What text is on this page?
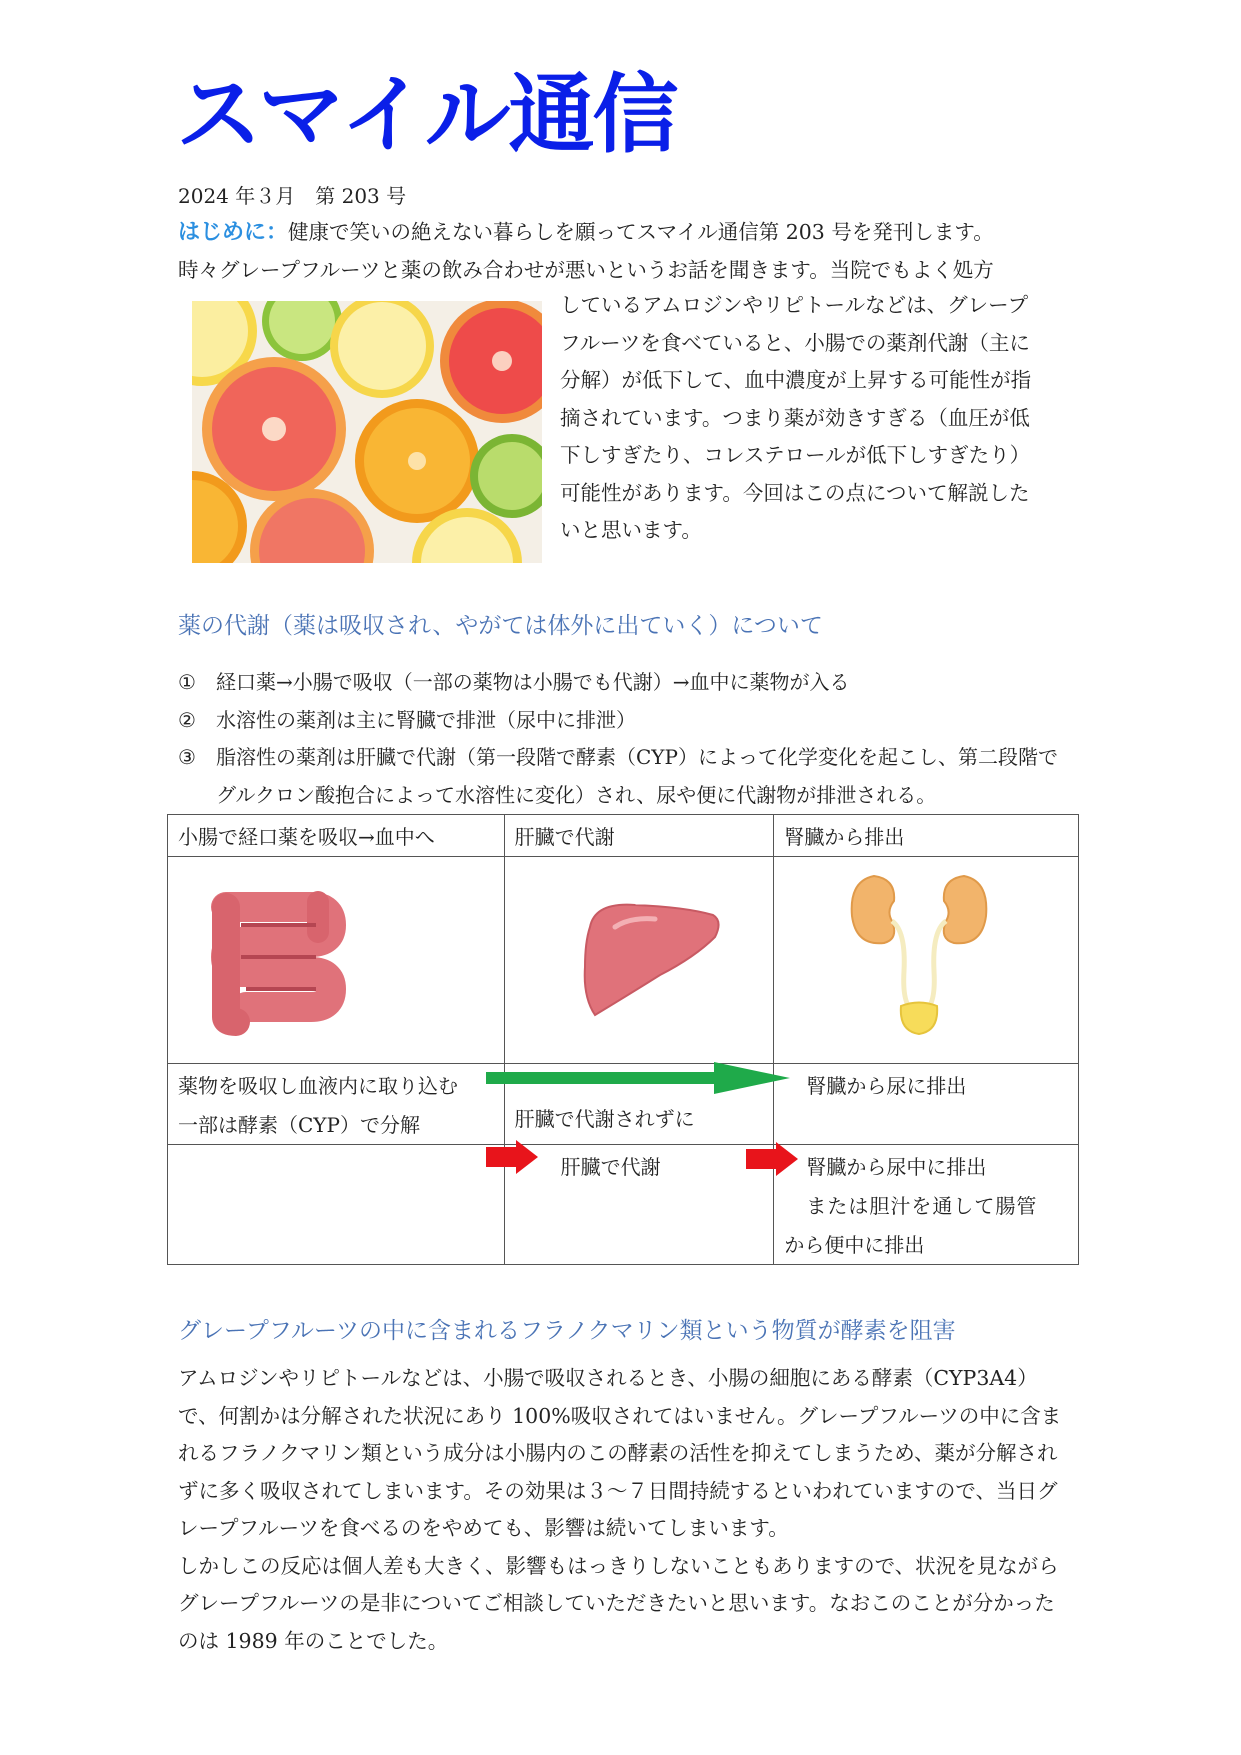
スマイル通信
2024 年３月　第 203 号
はじめに：健康で笑いの絶えない暮らしを願ってスマイル通信第 203 号を発刊します。
時々グレープフルーツと薬の飲み合わせが悪いというお話を聞きます。当院でもよく処方
しているアムロジンやリピトールなどは、グレープ
フルーツを食べていると、小腸での薬剤代謝（主に
分解）が低下して、血中濃度が上昇する可能性が指
摘されています。つまり薬が効きすぎる（血圧が低
下しすぎたり、コレステロールが低下しすぎたり）
可能性があります。今回はこの点について解説した
いと思います。
薬の代謝（薬は吸収され、やがては体外に出ていく）について
①	経口薬→小腸で吸収（一部の薬物は小腸でも代謝）→血中に薬物が入る
②	水溶性の薬剤は主に腎臓で排泄（尿中に排泄）
③	脂溶性の薬剤は肝臓で代謝（第一段階で酵素（CYP）によって化学変化を起こし、第二段階でグルクロン酸抱合によって水溶性に変化）され、尿や便に代謝物が排泄される。
小腸で経口薬を吸収→血中へ	肝臓で代謝	腎臓から排出

薬物を吸収し血液内に取り込む
一部は酵素（CYP）で分解	肝臓で代謝されずに	腎臓から尿に排出

	肝臓で代謝	腎臓から尿中に排出
または胆汁を通して腸管
から便中に排出
グレープフルーツの中に含まれるフラノクマリン類という物質が酵素を阻害

アムロジンやリピトールなどは、小腸で吸収されるとき、小腸の細胞にある酵素（CYP3A4）で、何割かは分解された状況にあり 100%吸収されてはいません。グレープフルーツの中に含まれるフラノクマリン類という成分は小腸内のこの酵素の活性を抑えてしまうため、薬が分解されずに多く吸収されてしまいます。その効果は３～７日間持続するといわれていますので、当日グレープフルーツを食べるのをやめても、影響は続いてしまいます。

しかしこの反応は個人差も大きく、影響もはっきりしないこともありますので、状況を見ながらグレープフルーツの是非についてご相談していただきたいと思います。なおこのことが分かったのは 1989 年のことでした。
